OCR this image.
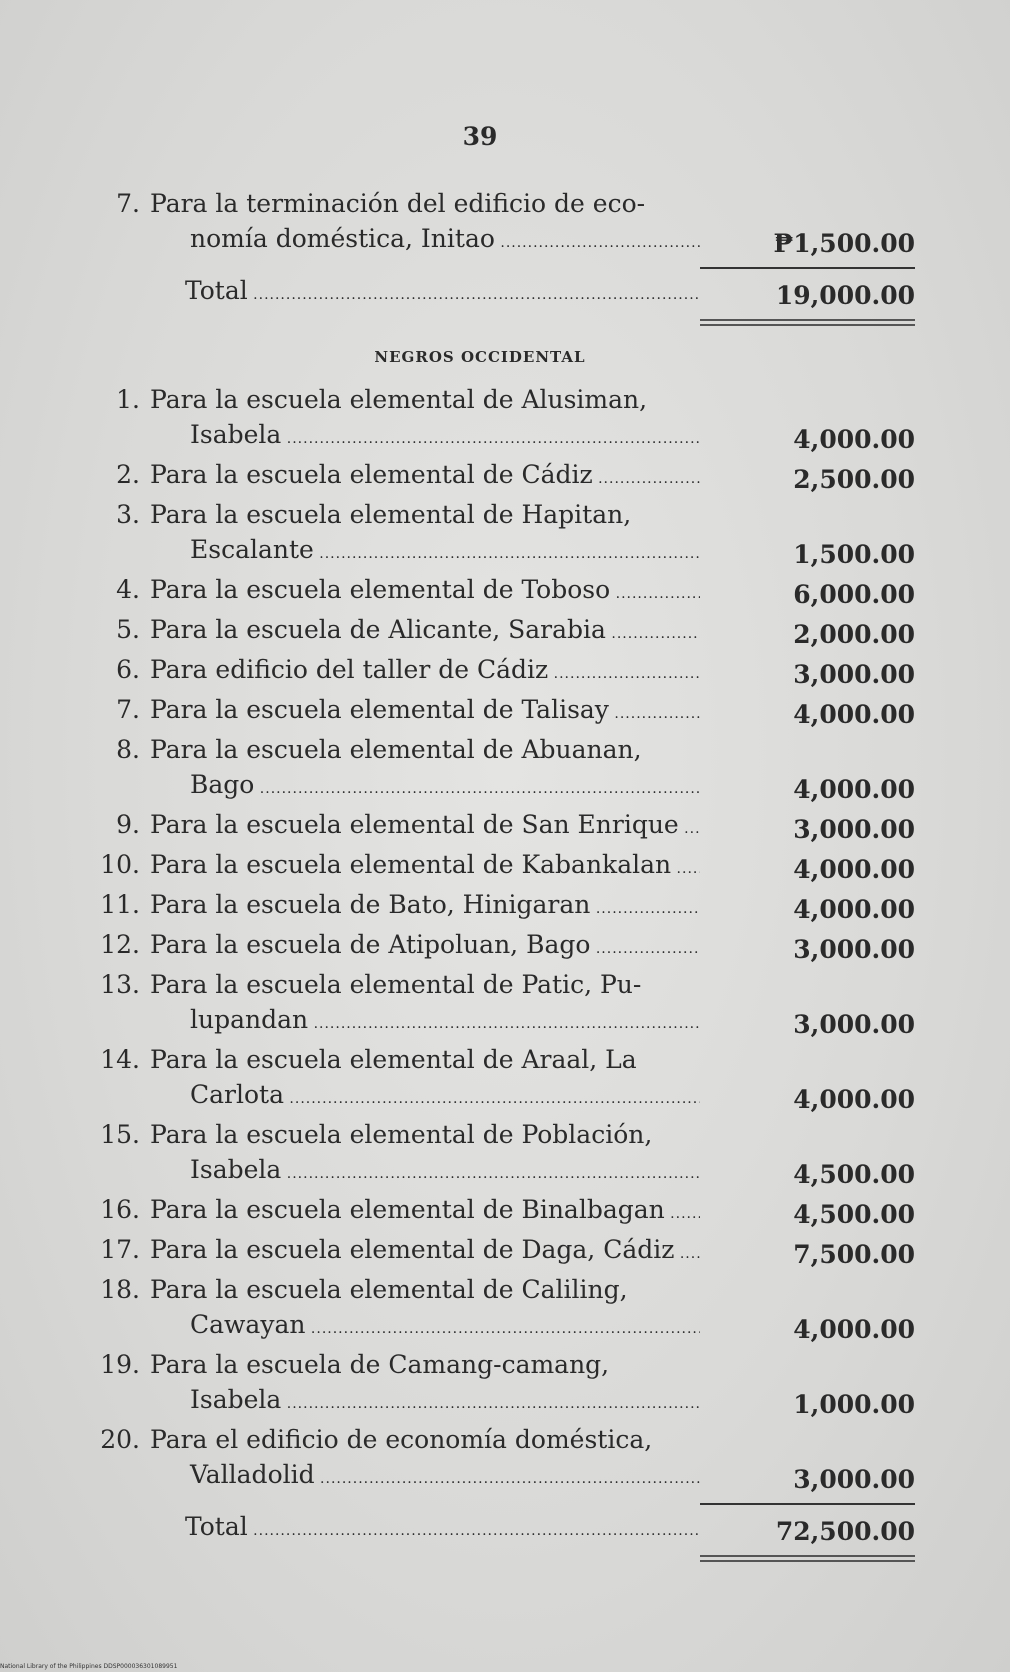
39
7. Para la terminación del edificio de eco-
nomía doméstica, Initao .....	₱1,500.00
Total .....	19,000.00
NEGROS OCCIDENTAL
1. Para la escuela elemental de Alusiman,
Isabela .....	4,000.00
2. Para la escuela elemental de Cádiz .....	2,500.00
3. Para la escuela elemental de Hapitan,
Escalante .....	1,500.00
4. Para la escuela elemental de Toboso .....	6,000.00
5. Para la escuela de Alicante, Sarabia .....	2,000.00
6. Para edificio del taller de Cádiz .....	3,000.00
7. Para la escuela elemental de Talisay .....	4,000.00
8. Para la escuela elemental de Abuanan,
Bago .....	4,000.00
9. Para la escuela elemental de San Enrique .....	3,000.00
10. Para la escuela elemental de Kabankalan .....	4,000.00
11. Para la escuela de Bato, Hinigaran .....	4,000.00
12. Para la escuela de Atipoluan, Bago .....	3,000.00
13. Para la escuela elemental de Patic, Pu-
lupandan .....	3,000.00
14. Para la escuela elemental de Araal, La
Carlota .....	4,000.00
15. Para la escuela elemental de Población,
Isabela .....	4,500.00
16. Para la escuela elemental de Binalbagan .....	4,500.00
17. Para la escuela elemental de Daga, Cádiz .....	7,500.00
18. Para la escuela elemental de Caliling,
Cawayan .....	4,000.00
19. Para la escuela de Camang-camang,
Isabela .....	1,000.00
20. Para el edificio de economía doméstica,
Valladolid .....	3,000.00
Total .....	72,500.00
National Library of the Philippines DDSP000036301089951
